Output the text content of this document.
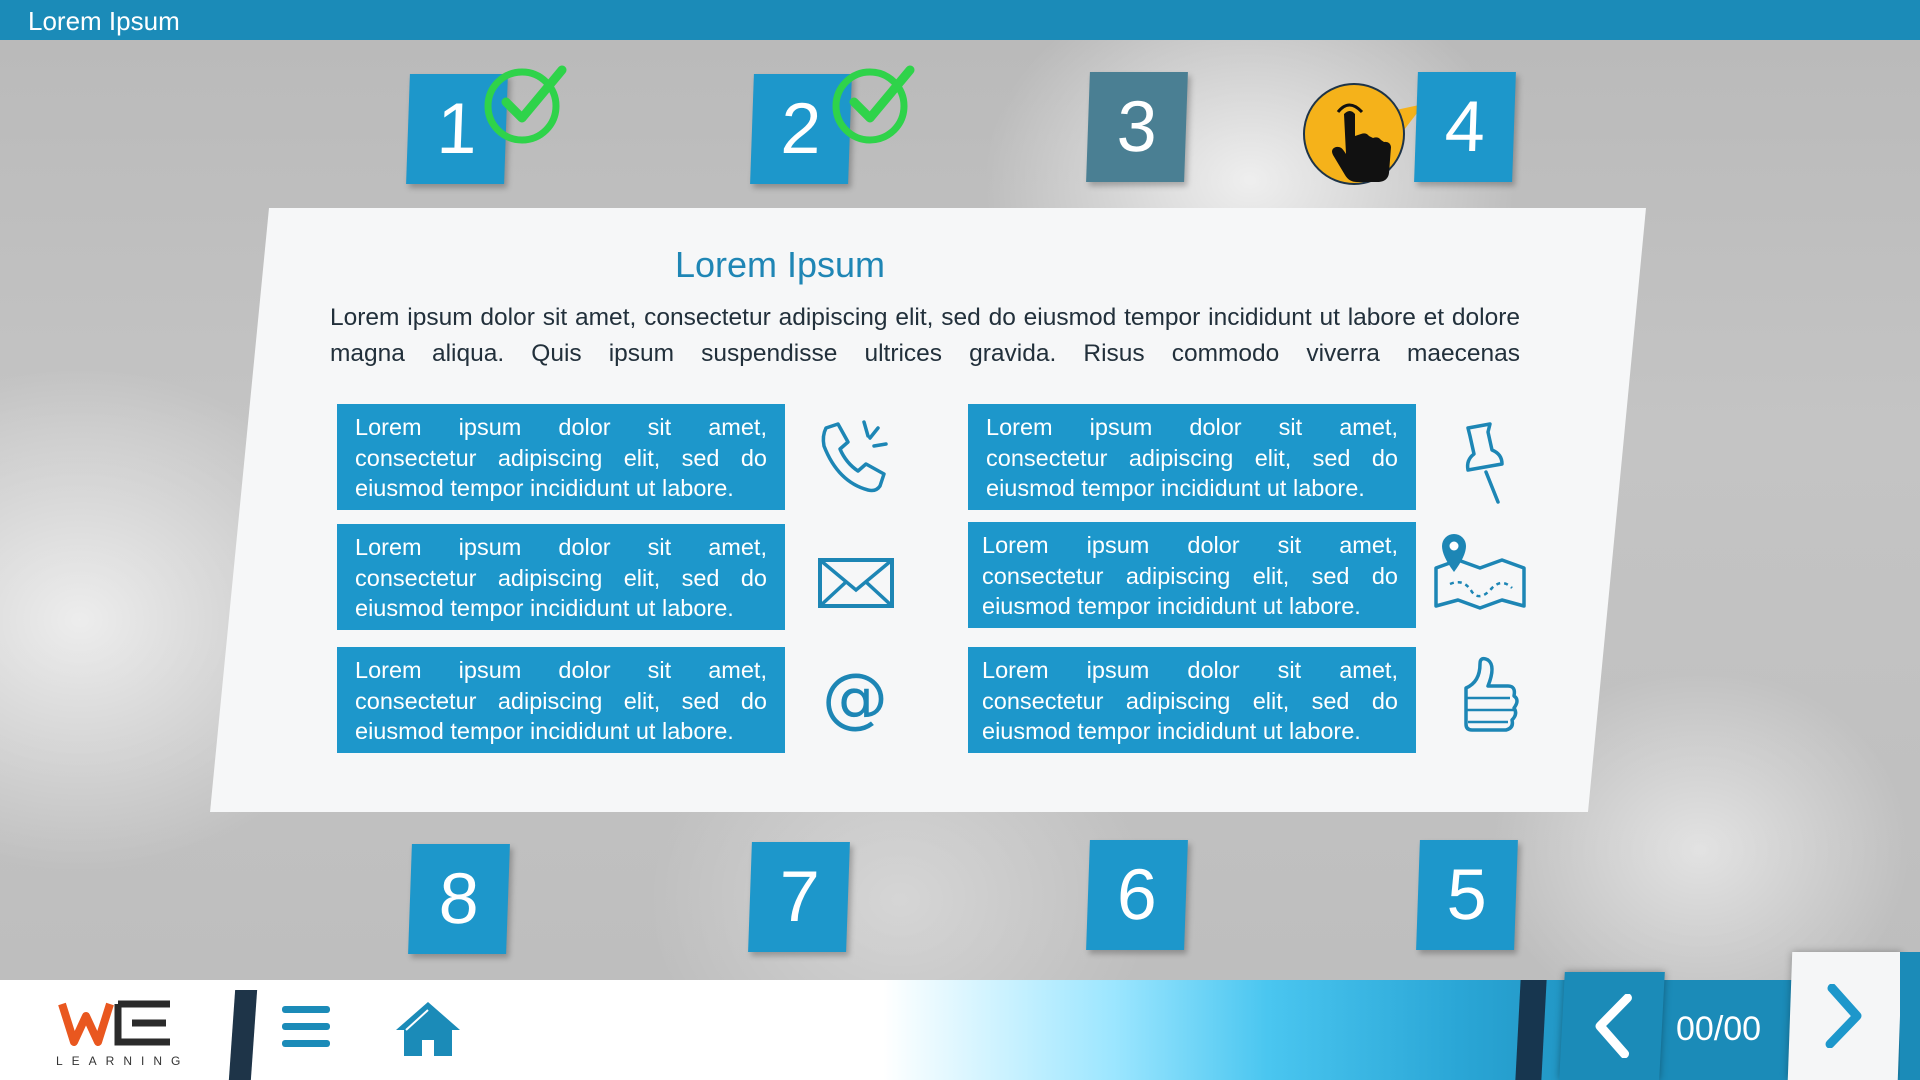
Lorem Ipsum
1	2	3	4
Lorem Ipsum
Lorem ipsum dolor sit amet, consectetur adipiscing elit, sed do eiusmod tempor incididunt ut labore et dolore magna aliqua. Quis ipsum suspendisse ultrices gravida. Risus commodo viverra maecenas
Lorem ipsum dolor sit amet, consectetur adipiscing elit, sed do eiusmod tempor incididunt ut labore.
Lorem ipsum dolor sit amet, consectetur adipiscing elit, sed do eiusmod tempor incididunt ut labore.
Lorem ipsum dolor sit amet, consectetur adipiscing elit, sed do eiusmod tempor incididunt ut labore.
Lorem ipsum dolor sit amet, consectetur adipiscing elit, sed do eiusmod tempor incididunt ut labore.
Lorem ipsum dolor sit amet, consectetur adipiscing elit, sed do eiusmod tempor incididunt ut labore.
Lorem ipsum dolor sit amet, consectetur adipiscing elit, sed do eiusmod tempor incididunt ut labore.
@
8	7	6	5
LEARNING
00/00
